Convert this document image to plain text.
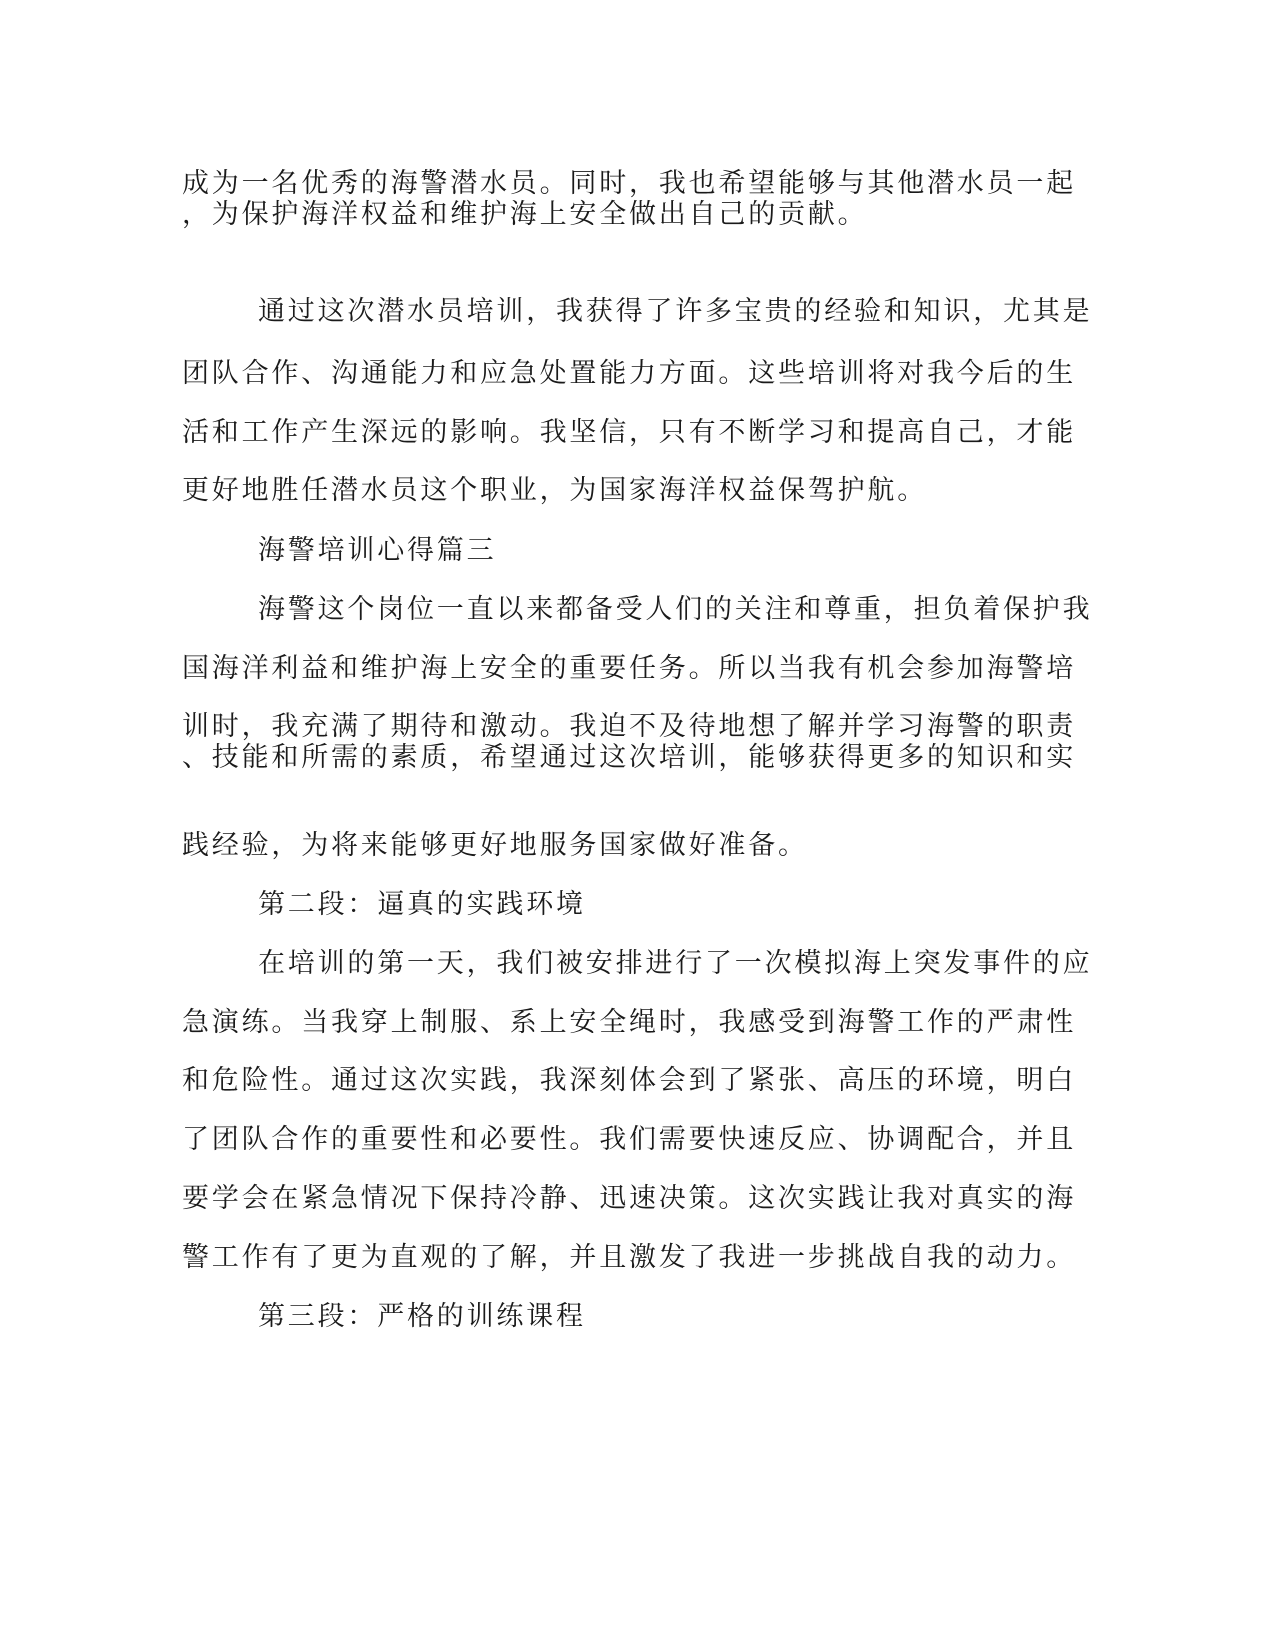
成为一名优秀的海警潜水员。同时，我也希望能够与其他潜水员一起
，为保护海洋权益和维护海上安全做出自己的贡献。
通过这次潜水员培训，我获得了许多宝贵的经验和知识，尤其是
团队合作、沟通能力和应急处置能力方面。这些培训将对我今后的生
活和工作产生深远的影响。我坚信，只有不断学习和提高自己，才能
更好地胜任潜水员这个职业，为国家海洋权益保驾护航。
海警培训心得篇三
海警这个岗位一直以来都备受人们的关注和尊重，担负着保护我
国海洋利益和维护海上安全的重要任务。所以当我有机会参加海警培
训时，我充满了期待和激动。我迫不及待地想了解并学习海警的职责
、技能和所需的素质，希望通过这次培训，能够获得更多的知识和实
践经验，为将来能够更好地服务国家做好准备。
第二段：逼真的实践环境
在培训的第一天，我们被安排进行了一次模拟海上突发事件的应
急演练。当我穿上制服、系上安全绳时，我感受到海警工作的严肃性
和危险性。通过这次实践，我深刻体会到了紧张、高压的环境，明白
了团队合作的重要性和必要性。我们需要快速反应、协调配合，并且
要学会在紧急情况下保持冷静、迅速决策。这次实践让我对真实的海
警工作有了更为直观的了解，并且激发了我进一步挑战自我的动力。
第三段：严格的训练课程
